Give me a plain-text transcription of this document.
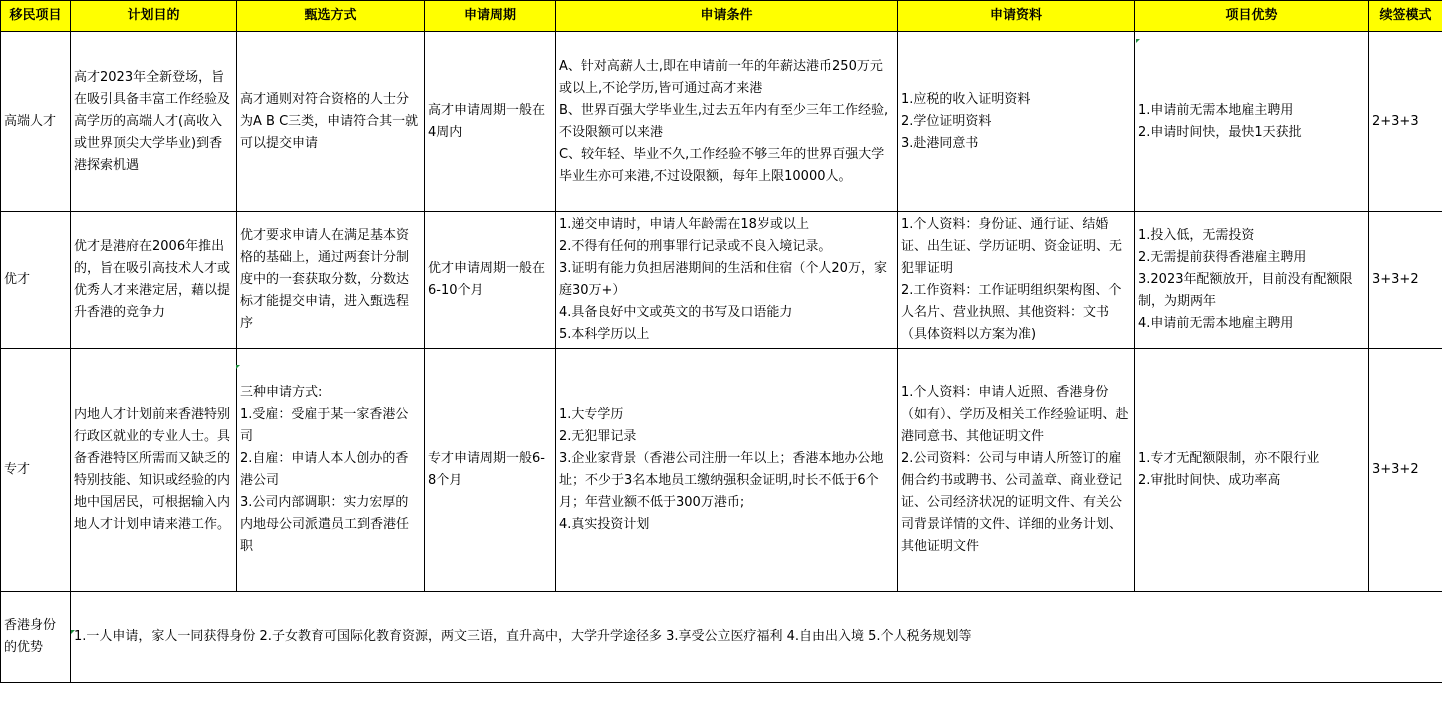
移民项目	计划目的	甄选方式	申请周期	申请条件	申请资料	项目优势	续签模式
高端人才	高才2023年全新登场，旨在吸引具备丰富工作经验及高学历的高端人才(高收入或世界顶尖大学毕业)到香港探索机遇	高才通则对符合资格的人士分为A B C三类，申请符合其一就可以提交申请	高才申请周期一般在4周内	A、针对高薪人士,即在申请前一年的年薪达港币250万元或以上,不论学历,皆可通过高才来港
B、世界百强大学毕业生,过去五年内有至少三年工作经验,不设限额可以来港
C、较年轻、毕业不久,工作经验不够三年的世界百强大学毕业生亦可来港,不过设限额，每年上限10000人。	1.应税的收入证明资料
2.学位证明资料
3.赴港同意书	1.申请前无需本地雇主聘用
2.申请时间快，最快1天获批	2+3+3
优才	优才是港府在2006年推出的，旨在吸引高技术人才或优秀人才来港定居，藉以提升香港的竞争力	优才要求申请人在满足基本资格的基础上，通过两套计分制度中的一套获取分数，分数达标才能提交申请，进入甄选程序	优才申请周期一般在6-10个月	1.递交申请时，申请人年龄需在18岁或以上
2.不得有任何的刑事罪行记录或不良入境记录。
3.证明有能力负担居港期间的生活和住宿（个人20万，家庭30万+）
4.具备良好中文或英文的书写及口语能力
5.本科学历以上	1.个人资料：身份证、通行证、结婚证、出生证、学历证明、资金证明、无犯罪证明
2.工作资料：工作证明组织架构图、个人名片、营业执照、其他资料：文书（具体资料以方案为准)	1.投入低，无需投资
2.无需提前获得香港雇主聘用
3.2023年配额放开，目前没有配额限制，为期两年
4.申请前无需本地雇主聘用	3+3+2
专才	内地人才计划前来香港特别行政区就业的专业人士。具备香港特区所需而又缺乏的特别技能、知识或经验的内地中国居民，可根据输入内地人才计划申请来港工作。	三种申请方式:
1.受雇：受雇于某一家香港公司
2.自雇：申请人本人创办的香港公司
3.公司内部调职：实力宏厚的内地母公司派遣员工到香港任职	专才申请周期一般6-8个月	1.大专学历
2.无犯罪记录
3.企业家背景（香港公司注册一年以上；香港本地办公地址；不少于3名本地员工缴纳强积金证明,时长不低于6个月；年营业额不低于300万港币;
4.真实投资计划	1.个人资料：申请人近照、香港身份（如有）、学历及相关工作经验证明、赴港同意书、其他证明文件
2.公司资料：公司与申请人所签订的雇佣合约书或聘书、公司盖章、商业登记证、公司经济状况的证明文件、有关公司背景详情的文件、详细的业务计划、其他证明文件	1.专才无配额限制，亦不限行业
2.审批时间快、成功率高	3+3+2
香港身份的优势	1.一人申请，家人一同获得身份 2.子女教育可国际化教育资源，两文三语，直升高中，大学升学途径多 3.享受公立医疗福利 4.自由出入境 5.个人税务规划等						
